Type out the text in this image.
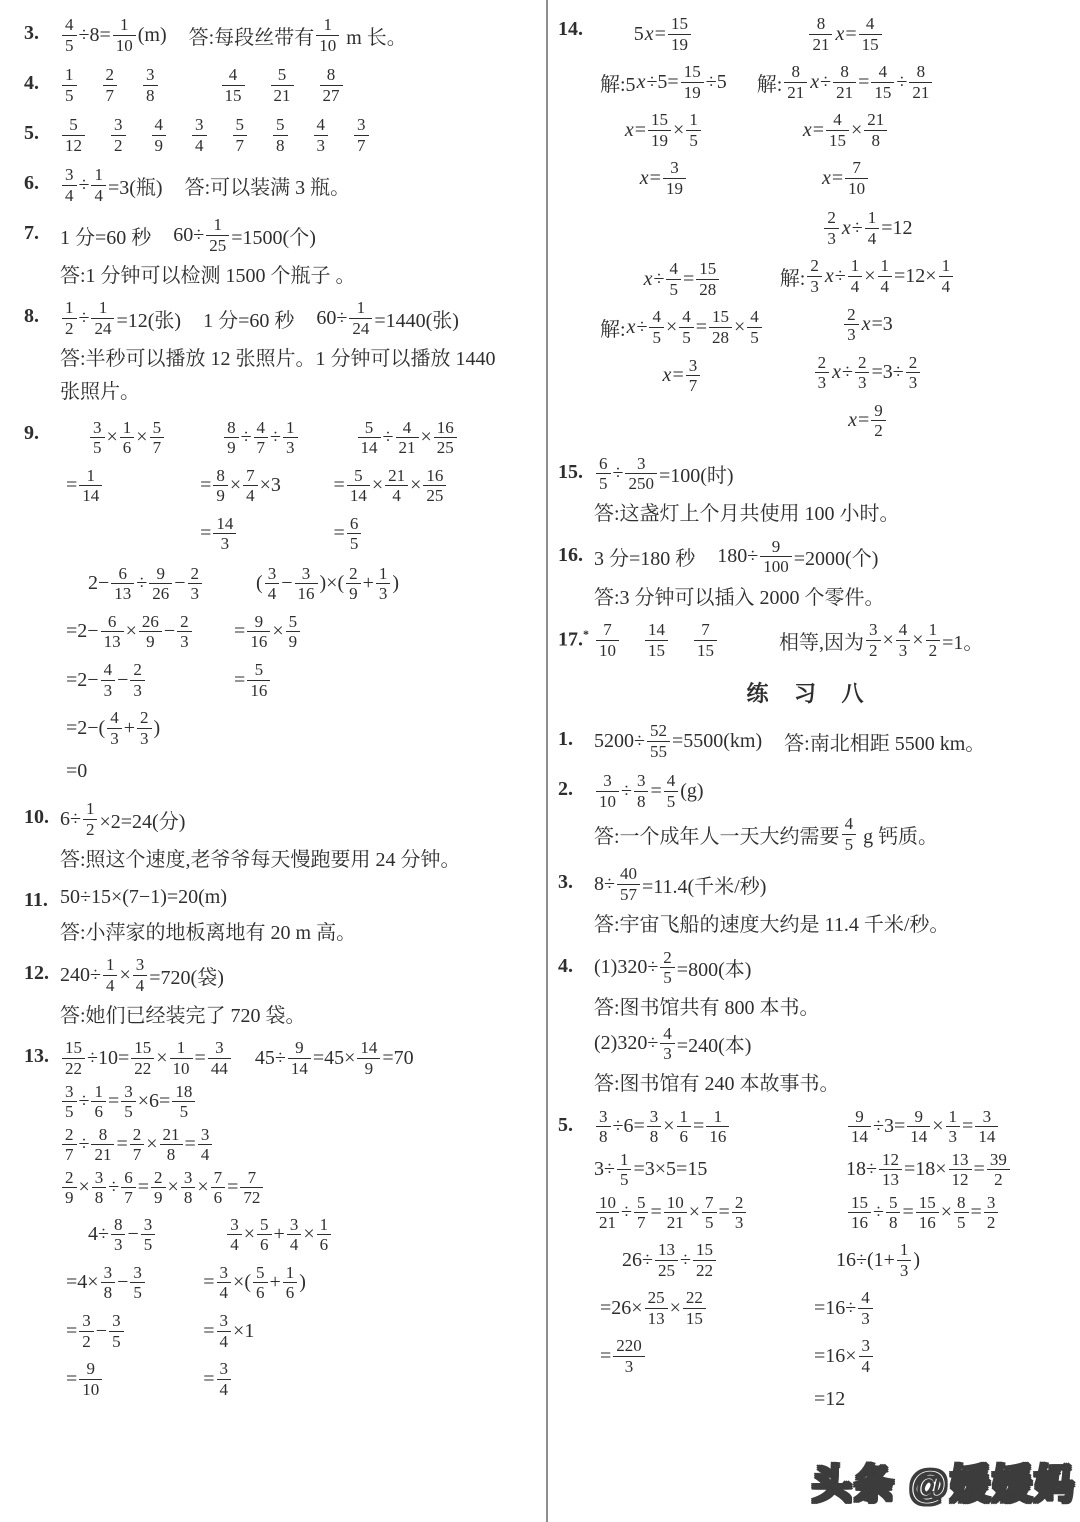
3.	$\frac{4}{5} \div 8= \frac{1}{10} (m)$ 答:每段丝带有 $\frac{1}{10}$ m 长。
4.	$\frac{1}{5} \frac{2}{7} \frac{3}{8}$	$\frac{4}{15} \frac{5}{21} \frac{8}{27}$
5.	$\frac{5}{12} \frac{3}{2} \frac{4}{9} \frac{3}{4} \frac{5}{7} \frac{5}{8} \frac{4}{3} \frac{3}{7}$
6.	$\frac{3}{4} \div \frac{1}{4} =3$(瓶) 答:可以装满 3 瓶。
7.	1 分=60 秒 $60\div \frac{1}{25} =1500$(个)
答:1 分钟可以检测 1500 个瓶子 。
8.	$\frac{1}{2} \div \frac{1}{24} =12$(张) 1 分=60 秒 $60\div \frac{1}{24} =1440$(张)
答:半秒可以播放 12 张照片。1 分钟可以播放 1440
张照片。
9.	$\frac{3}{5} \times \frac{1}{6} \times \frac{5}{7}$
= $\frac{1}{14}$
$\frac{8}{9} \div \frac{4}{7} \div \frac{1}{3}$
= $\frac{8}{9} \times \frac{7}{4} \times 3$
= $\frac{14}{3}$
$\frac{5}{14} \div \frac{4}{21} \times \frac{16}{25}$
= $\frac{5}{14} \times \frac{21}{4} \times \frac{16}{25}$
= $\frac{6}{5}$
$2- \frac{6}{13} \div \frac{9}{26} - \frac{2}{3}$
$=2- \frac{6}{13} \times \frac{26}{9} - \frac{2}{3}$
$=2- \frac{4}{3} - \frac{2}{3}$
$=2-( \frac{4}{3} + \frac{2}{3}$ )
=0
( $\frac{3}{4} - \frac{3}{16}$ )×( $\frac{2}{9} + \frac{1}{3}$ )
= $\frac{9}{16} \times \frac{5}{9}$
= $\frac{5}{16}$
10. $6\div \frac{1}{2} \times 2=24$(分)
答:照这个速度,老爷爷每天慢跑要用 24 分钟。
11. 50÷15×(7−1)=20(m)
答:小萍家的地板离地有 20 m 高。
12. $240\div \frac{1}{4} \times \frac{3}{4} =720$(袋)
答:她们已经装完了 720 袋。
13. $\frac{15}{22} \div 10= \frac{15}{22} \times \frac{1}{10} = \frac{3}{44} 45\div \frac{9}{14} =45\times \frac{14}{9} =70$
$\frac{3}{5} \div \frac{1}{6} = \frac{3}{5} \times 6= \frac{18}{5}$
$\frac{2}{7} \div \frac{8}{21} = \frac{2}{7} \times \frac{21}{8} = \frac{3}{4}$
$\frac{2}{9} \times \frac{3}{8} \div \frac{6}{7} = \frac{2}{9} \times \frac{3}{8} \times \frac{7}{6} = \frac{7}{72}$
$4\div \frac{8}{3} - \frac{3}{5}$
$=4\times \frac{3}{8} - \frac{3}{5}$
= $\frac{3}{2} - \frac{3}{5}$
= $\frac{9}{10}$
$\frac{3}{4} \times \frac{5}{6} + \frac{3}{4} \times \frac{1}{6}$
= $\frac{3}{4}$ ×( $\frac{5}{6} + \frac{1}{6}$ )
= $\frac{3}{4} \times 1$
= $\frac{3}{4}$
14.	5 $x = \frac{15}{19}$
解:5 $x \div 5= \frac{15}{19} \div 5$
$x = \frac{15}{19} \times \frac{1}{5}$
$x = \frac{3}{19}$
$\frac{8}{21}$ $x = \frac{4}{15}$
解: $\frac{8}{21}$ $x \div \frac{8}{21} = \frac{4}{15} \div \frac{8}{21}$
$x = \frac{4}{15} \times \frac{21}{8}$
$x = \frac{7}{10}$
$x \div \frac{4}{5} = \frac{15}{28}$
解: $x \div \frac{4}{5} \times \frac{4}{5} = \frac{15}{28} \times \frac{4}{5}$
$x = \frac{3}{7}$
$\frac{2}{3}$ $x \div \frac{1}{4} =12$
解: $\frac{2}{3}$ $x \div \frac{1}{4} \times \frac{1}{4} =12\times \frac{1}{4}$
$\frac{2}{3}$ x =3
$\frac{2}{3}$ $x \div \frac{2}{3} =3\div \frac{2}{3}$
$x = \frac{9}{2}$
15. $\frac{6}{5} \div \frac{3}{250} =100$(时)
答:这盏灯上个月共使用 100 小时。
16. 3 分=180 秒 $180\div \frac{9}{100} =2000$(个)
答:3 分钟可以插入 2000 个零件。
$17.^* \frac{7}{10} \frac{14}{15} \frac{7}{15}$	相等,因为 $\frac{3}{2} \times \frac{4}{3} \times \frac{1}{2} =1$。
练 习 八
1.	$5200\div \frac{52}{55} =5500(km)$ 答:南北相距 5500 km。
2.	$\frac{3}{10} \div \frac{3}{8} = \frac{4}{5} (g)$
答:一个成年人一天大约需要 $\frac{4}{5}$ g 钙质。
3.	$8\div \frac{40}{57} =11.4$(千米/秒)
答:宇宙飞船的速度大约是 11.4 千米/秒。
4.	$(1)320\div \frac{2}{5} =800$(本)
答:图书馆共有 800 本书。
$(2)320\div \frac{4}{3} =240$(本)
答:图书馆有 240 本故事书。
5.	$\frac{3}{8} \div 6= \frac{3}{8} \times \frac{1}{6} = \frac{1}{16}$	$\frac{9}{14} \div 3= \frac{9}{14} \times \frac{1}{3} = \frac{3}{14}$
$3\div \frac{1}{5} =3\times 5=15$	$18\div \frac{12}{13} =18\times \frac{13}{12} = \frac{39}{2}$
$\frac{10}{21} \div \frac{5}{7} = \frac{10}{21} \times \frac{7}{5} = \frac{2}{3}$	$\frac{15}{16} \div \frac{5}{8} = \frac{15}{16} \times \frac{8}{5} = \frac{3}{2}$
$26\div \frac{13}{25} \div \frac{15}{22}$
$=26\times \frac{25}{13} \times \frac{22}{15}$
= $\frac{220}{3}$
$16\div(1+ \frac{1}{3}$ )
$=16\div \frac{4}{3}$
$=16\times \frac{3}{4}$
=12
头条 @媛媛妈
